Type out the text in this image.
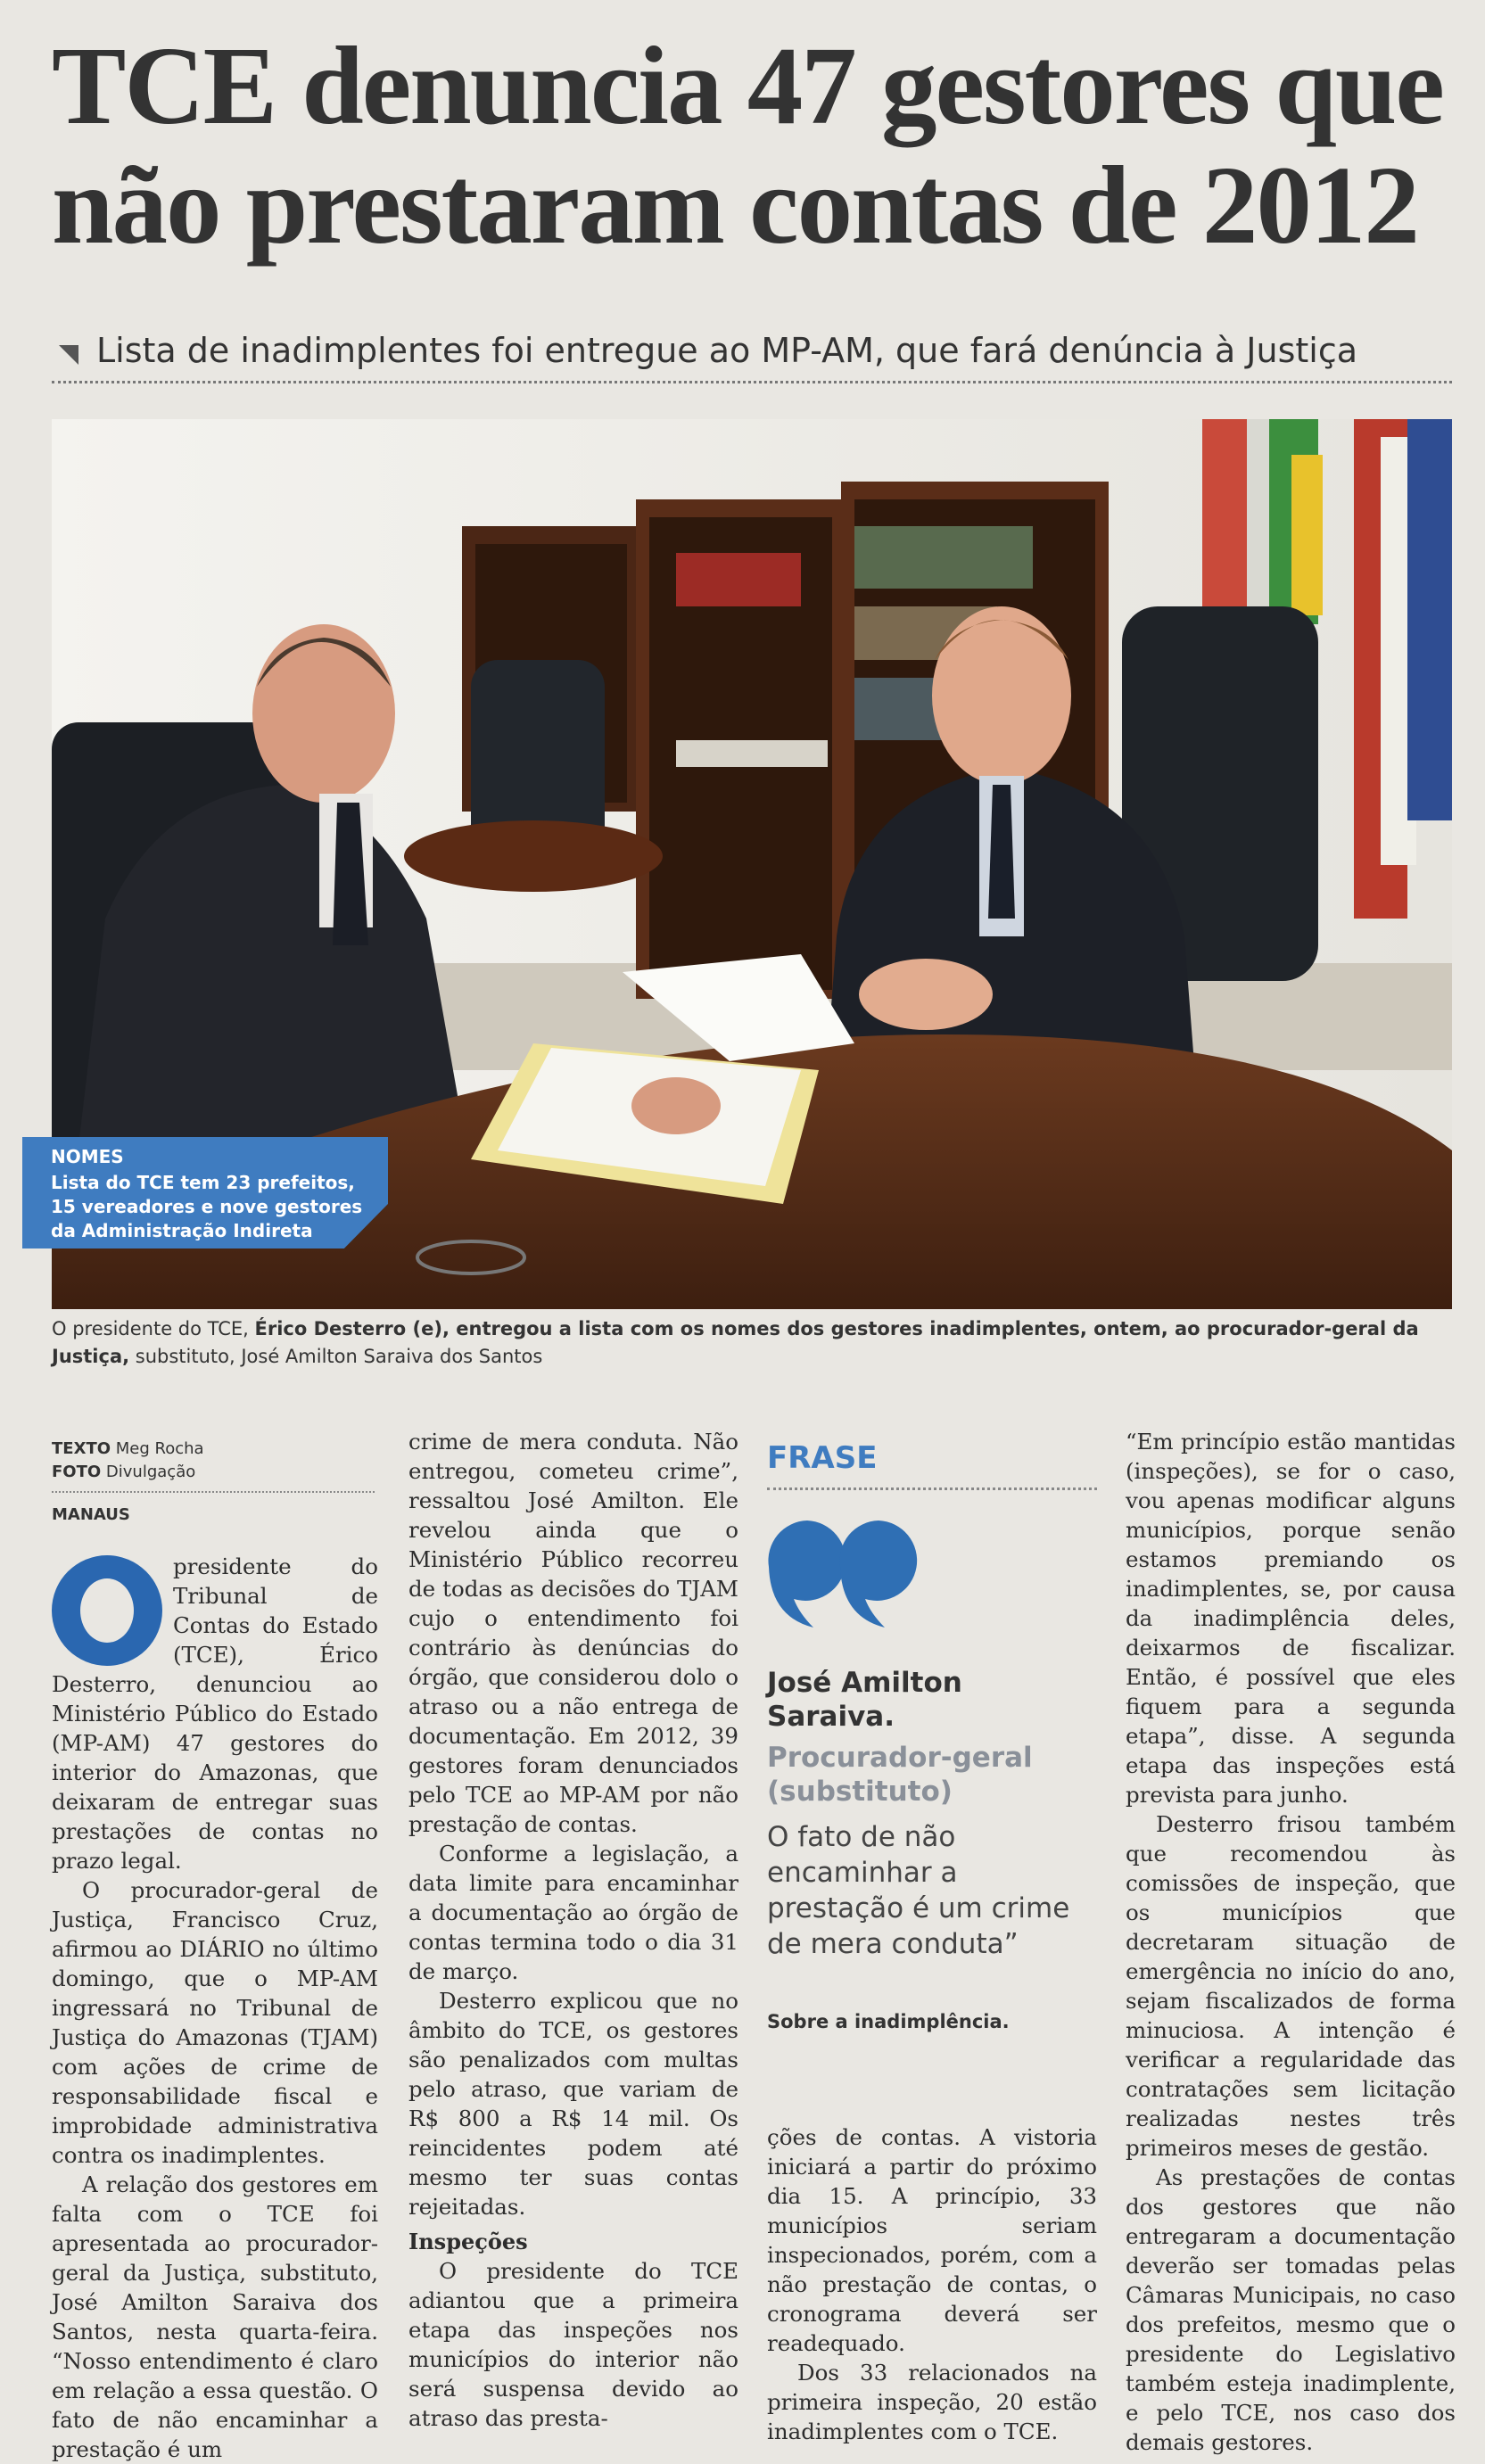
TCE denuncia 47 gestores que não prestaram contas de 2012
Lista de inadimplentes foi entregue ao MP-AM, que fará denúncia à Justiça
NOMES
Lista do TCE tem 23 prefeitos, 15 vereadores e nove gestores da Administração Indireta
O presidente do TCE, Érico Desterro (e), entregou a lista com os nomes dos gestores inadimplentes, ontem, ao procurador-geral da Justiça, substituto, José Amilton Saraiva dos Santos
TEXTO Meg Rocha
FOTO Divulgação
MANAUS

presidente do Tribunal de Contas do Estado (TCE), Érico Desterro, denunciou ao Ministério Público do Estado (MP-AM) 47 gestores do interior do Amazonas, que deixaram de entregar suas prestações de contas no prazo legal.

O procurador-geral de Justiça, Francisco Cruz, afirmou ao DIÁRIO no último domingo, que o MP-AM ingressará no Tribunal de Justiça do Amazonas (TJAM) com ações de crime de responsabilidade fiscal e improbidade administrativa contra os inadimplentes.

A relação dos gestores em falta com o TCE foi apresentada ao procurador-geral da Justiça, substituto, José Amilton Saraiva dos Santos, nesta quarta-feira. “Nosso entendimento é claro em relação a essa questão. O fato de não encaminhar a prestação é um

crime de mera conduta. Não entregou, cometeu crime”, ressaltou José Amilton. Ele revelou ainda que o Ministério Público recorreu de todas as decisões do TJAM cujo o entendimento foi contrário às denúncias do órgão, que considerou dolo o atraso ou a não entrega de documentação. Em 2012, 39 gestores foram denunciados pelo TCE ao MP-AM por não prestação de contas.

Conforme a legislação, a data limite para encaminhar a documentação ao órgão de contas termina todo o dia 31 de março.

Desterro explicou que no âmbito do TCE, os gestores são penalizados com multas pelo atraso, que variam de R$ 800 a R$ 14 mil. Os reincidentes podem até mesmo ter suas contas rejeitadas.

Inspeções

O presidente do TCE adiantou que a primeira etapa das inspeções nos municípios do interior não será suspensa devido ao atraso das presta-

FRASE
José Amilton Saraiva.
Procurador-geral (substituto)
O fato de não encaminhar a prestação é um crime de mera conduta”
Sobre a inadimplência.

ções de contas. A vistoria iniciará a partir do próximo dia 15. A princípio, 33 municípios seriam inspecionados, porém, com a não prestação de contas, o cronograma deverá ser readequado.

Dos 33 relacionados na primeira inspeção, 20 estão inadimplentes com o TCE.

“Em princípio estão mantidas (inspeções), se for o caso, vou apenas modificar alguns municípios, porque senão estamos premiando os inadimplentes, se, por causa da inadimplência deles, deixarmos de fiscalizar. Então, é possível que eles fiquem para a segunda etapa”, disse. A segunda etapa das inspeções está prevista para junho.

Desterro frisou também que recomendou às comissões de inspeção, que os municípios que decretaram situação de emergência no início do ano, sejam fiscalizados de forma minuciosa. A intenção é verificar a regularidade das contratações sem licitação realizadas nestes três primeiros meses de gestão.

As prestações de contas dos gestores que não entregaram a documentação deverão ser tomadas pelas Câmaras Municipais, no caso dos prefeitos, mesmo que o presidente do Legislativo também esteja inadimplente, e pelo TCE, nos caso dos demais gestores.
